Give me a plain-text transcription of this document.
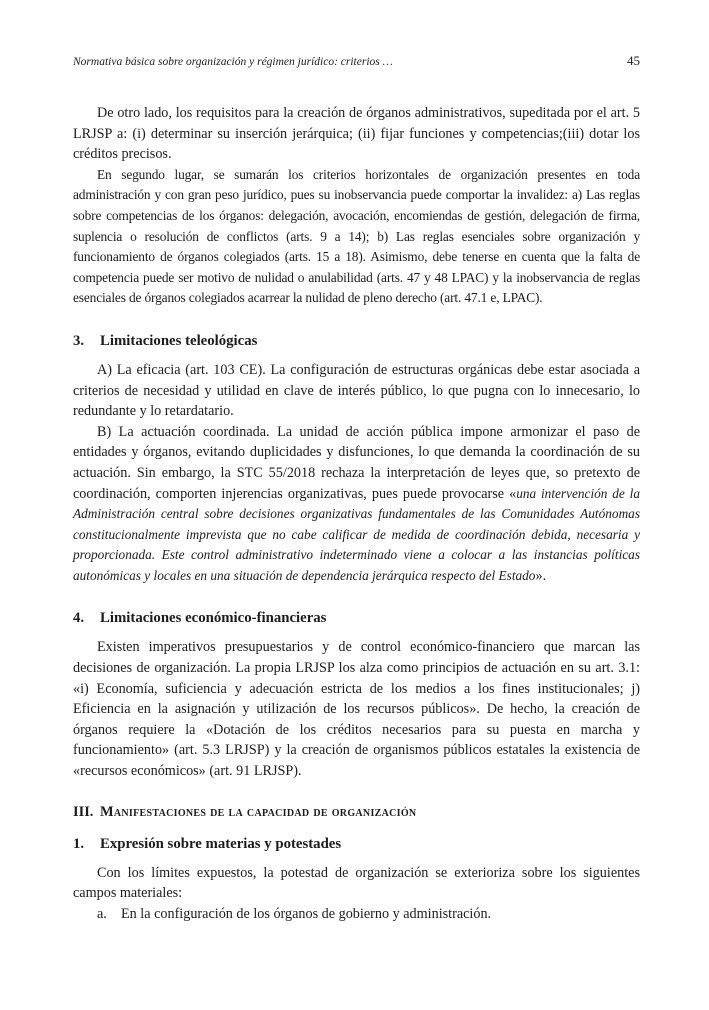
Normativa básica sobre organización y régimen jurídico: criterios …	45

De otro lado, los requisitos para la creación de órganos administrativos, supeditada por el art. 5 LRJSP a: (i) determinar su inserción jerárquica; (ii) fijar funciones y competencias;(iii) dotar los créditos precisos.

En segundo lugar, se sumarán los criterios horizontales de organización presentes en toda administración y con gran peso jurídico, pues su inobservancia puede comportar la invalidez: a) Las reglas sobre competencias de los órganos: delegación, avocación, encomiendas de gestión, delegación de firma, suplencia o resolución de conflictos (arts. 9 a 14); b) Las reglas esenciales sobre organización y funcionamiento de órganos colegiados (arts. 15 a 18). Asimismo, debe tenerse en cuenta que la falta de competencia puede ser motivo de nulidad o anulabilidad (arts. 47 y 48 LPAC) y la inobservancia de reglas esenciales de órganos colegiados acarrear la nulidad de pleno derecho (art. 47.1 e, LPAC).

3.	Limitaciones teleológicas

A) La eficacia (art. 103 CE). La configuración de estructuras orgánicas debe estar asociada a criterios de necesidad y utilidad en clave de interés público, lo que pugna con lo innecesario, lo redundante y lo retardatario.

B) La actuación coordinada. La unidad de acción pública impone armonizar el paso de entidades y órganos, evitando duplicidades y disfunciones, lo que demanda la coordinación de su actuación. Sin embargo, la STC 55/2018 rechaza la interpretación de leyes que, so pretexto de coordinación, comporten injerencias organizativas, pues puede provocarse «una intervención de la Administración central sobre decisiones organizativas fundamentales de las Comunidades Autónomas constitucionalmente imprevista que no cabe calificar de medida de coordinación debida, necesaria y proporcionada. Este control administrativo indeterminado viene a colocar a las instancias políticas autonómicas y locales en una situación de dependencia jerárquica respecto del Estado».

4.	Limitaciones económico-financieras

Existen imperativos presupuestarios y de control económico-financiero que marcan las decisiones de organización. La propia LRJSP los alza como principios de actuación en su art. 3.1: «i) Economía, suficiencia y adecuación estricta de los medios a los fines institucionales; j) Eficiencia en la asignación y utilización de los recursos públicos». De hecho, la creación de órganos requiere la «Dotación de los créditos necesarios para su puesta en marcha y funcionamiento» (art. 5.3 LRJSP) y la creación de organismos públicos estatales la existencia de «recursos económicos» (art. 91 LRJSP).

III. Manifestaciones de la capacidad de organización
1.	Expresión sobre materias y potestades

Con los límites expuestos, la potestad de organización se exterioriza sobre los siguientes campos materiales:

a. En la configuración de los órganos de gobierno y administración.
